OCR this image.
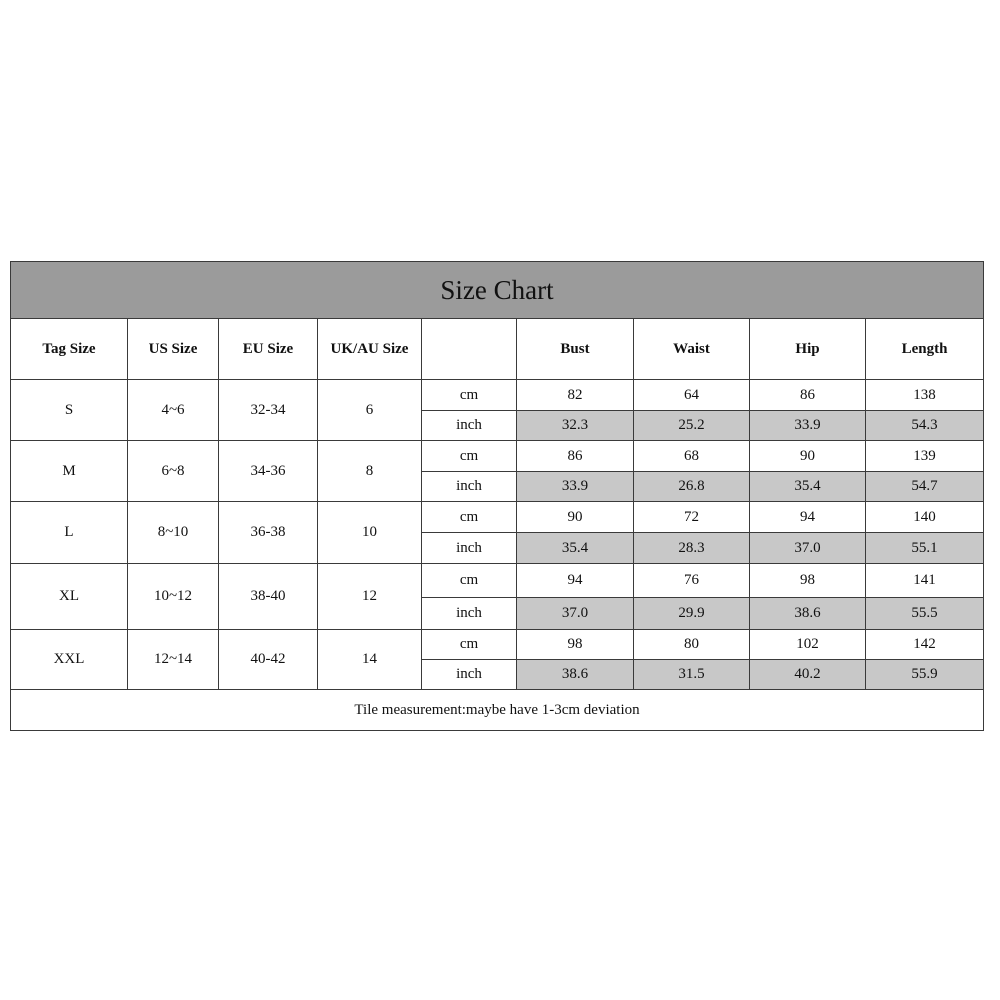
Size Chart								
Tag Size	US Size	EU Size	UK/AU Size		Bust	Waist	Hip	Length
S	4~6	32-34	6	cm	82	64	86	138
				inch	32.3	25.2	33.9	54.3
M	6~8	34-36	8	cm	86	68	90	139
				inch	33.9	26.8	35.4	54.7
L	8~10	36-38	10	cm	90	72	94	140
				inch	35.4	28.3	37.0	55.1
XL	10~12	38-40	12	cm	94	76	98	141
				inch	37.0	29.9	38.6	55.5
XXL	12~14	40-42	14	cm	98	80	102	142
				inch	38.6	31.5	40.2	55.9
Tile measurement:maybe have 1-3cm deviation								
